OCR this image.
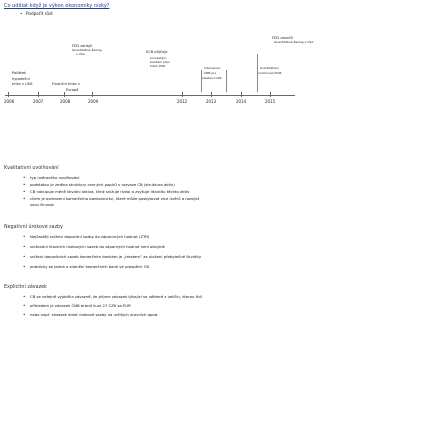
Co udělat když je výkon ekonomiky nízký?
• Podpořit růst
2006	2007	2008	2009	2012	2013	2014	2015
FED zahájil
Quantitative Easing
v USA	ECB půjčuje
Počátek
hypoteční
krize v USA	Finanční krize v
Evropě
evropským
bankám přes
bilion EUR	Intervence
ČNB pro
oslabení CZK
Kvantitativní
uvolňování ECB
FED ukončil
Quantitative Easing v USA
Kvalitativní uvolňování
• typ úvěrového uvolňování
• podstatou je změna struktury cenných papírů v rozvaze CB (struktura aktiv)
• CB nakupuje méně likvidní aktiva, čímž snižuje riziko a zvyšuje likviditu těchto aktiv
• cílem je ozdravení komerčního bankovnictví, které může poskytovat více úvěrů a rozvíjet
svou činnost
Negativní úrokové sazby
• Nejčastěji snížení depozitní sazby do zápornných hodnot (ZTR)
• snižování hlavních úrokových sazeb do záporných hodnot není obvyklé
• snížení depozitních sazeb komerčním bankám je „trestem“ za uložení přebytečné likvidity
• prakticky se jedná o zdanění komerčních bank ve prospěch CB
Explicitní závazek
• CB se veřejně vyjádřila závazně, že přijme závazek týkající se některé z veličin, kterou řídí
• příkladem je závazek ČNB bránit kurz 27 CZK za EUR
• nebo např. závazek držet úrokové sazby na určitých úrovních apod.
